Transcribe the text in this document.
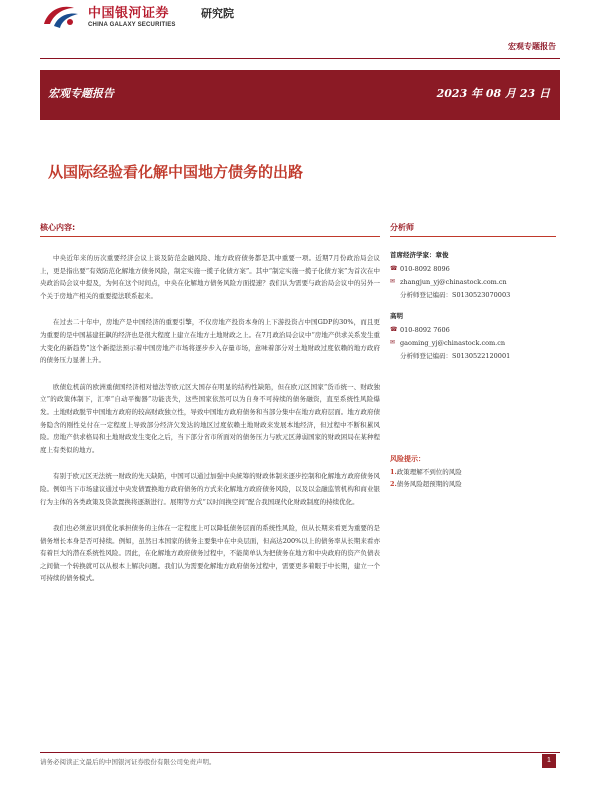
中国银河证券
CHINA GALAXY SECURITIES
研究院
宏观专题报告
宏观专题报告	2023 年 08 月 23 日
从国际经验看化解中国地方债务的出路
核心内容:	分析师

中央近年来的历次重要经济会议上谈及防范金融风险、地方政府债务都是其中重要一项。近期7月份政治局会议上，更是指出要“有效防范化解地方债务风险，制定实施一揽子化债方案”。其中“制定实施一揽子化债方案”为首次在中央政治局会议中提及，为何在这个时间点，中央在化解地方债务风险方面提速？我们认为需要与政治局会议中的另外一个关于房地产相关的重要提法联系起来。

在过去二十年中，房地产是中国经济的重要引擎，不仅房地产投资本身的上下游投资占中国GDP的30%，而且更为重要的是中国基建狂飙的经济也是很大程度上建立在地方土地财政之上。在7月政治局会议中“房地产供求关系发生重大变化的新趋势”这个新提法预示着中国房地产市场将逐步步入存量市场，意味着部分对土地财政过度依赖的地方政府的债务压力显著上升。

欧债危机前的欧洲重债国经济相对德法等欧元区大国存在明显的结构性缺陷，但在欧元区国家“货币统一、财政独立”的政策体制下，汇率“自动平衡器”功能丧失，这些国家依然可以为自身不可持续的债务融资，直至系统性风险爆发。土地财政脱节中国地方政府的较高财政独立性，导致中国地方政府债务和当部分集中在地方政府层面。地方政府债务隐含的刚性兑付在一定程度上导致部分经济欠发达的地区过度依赖土地财政来发展本地经济，但过程中不断积累风险。房地产供求格局和土地财政发生变化之后，当下部分省市所面对的债务压力与欧元区薄弱国家的财政困局在某种程度上有类似的地方。

有别于欧元区无法统一财政的先天缺陷，中国可以通过加强中央統筹的财政体制来逐步控制和化解地方政府债务风险。例如当下市场建议通过中央发债置换地方政府债务的方式来化解地方政府债务风险，以及以金融监管机构和商业银行为主体的各类政策及贷款置换将逐渐进行。展期等方式“以时间换空间”配合我国现代化财政制度的持续优化。

我们也必须意识到优化承担债务的主体在一定程度上可以降低债务层面的系统性风险，但从长期来看更为重要的是债务增长本身是否可持续。例如，虽然日本国家的债务主要集中在中央层面，但高达200%以上的债务率从长期来看亦有着巨大的潜在系统性风险。因此，在化解地方政府债务过程中，不能简单认为把债务在地方和中央政府的资产负债表之间做一个转换就可以从根本上解决问题。我们认为需要化解地方政府债务过程中，需要更多着眼于中长期，建立一个可持续的债务模式。

首席经济学家：章俊
☎ 010-8092 8096
✉ zhangjun_yj@chinastock.com.cn
分析师登记编码：S0130523070003
高明
☎ 010-8092 7606
✉ gaoming_yj@chinastock.com.cn
分析师登记编码：S0130522120001
风险提示：
1.政策理解不到位的风险
2.债务风险超预期的风险
请务必阅读正文最后的中国银河证券股份有限公司免责声明。	1
